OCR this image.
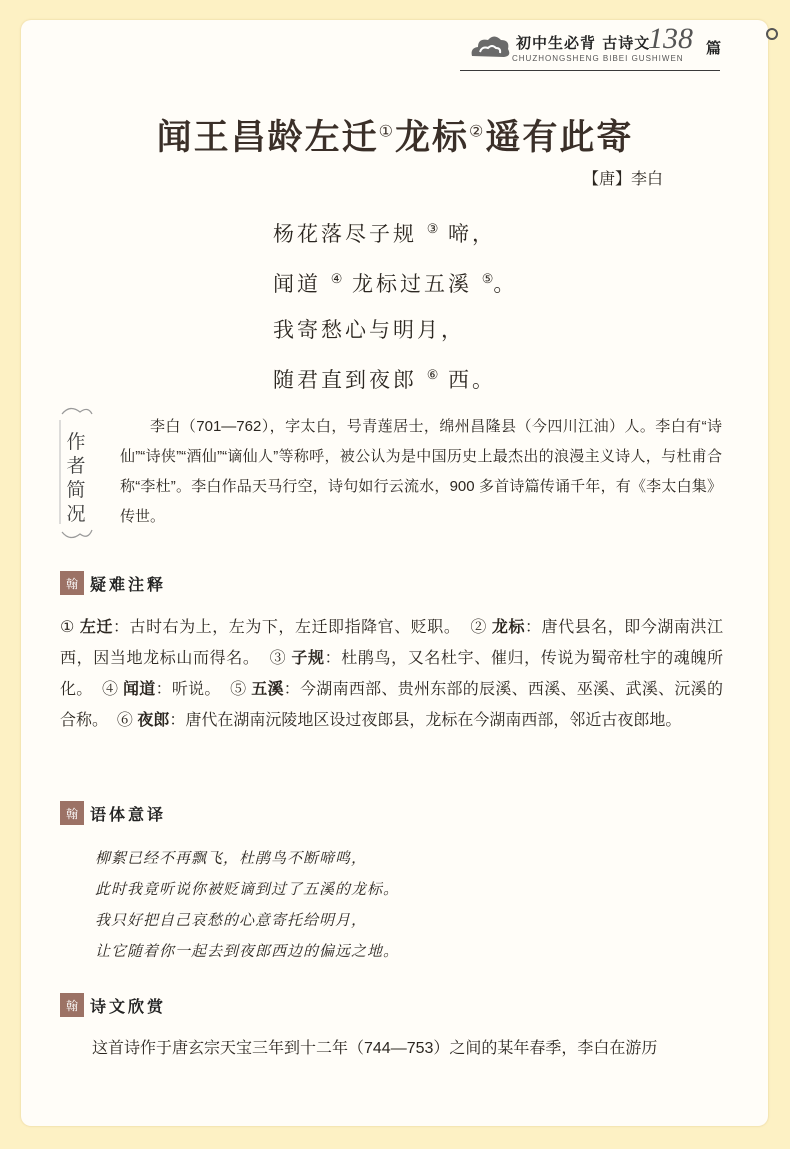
初中生必背 古诗文
138 篇
CHUZHONGSHENG BIBEI GUSHIWEN
闻王昌龄左迁①龙标②遥有此寄
【唐】李白
杨花落尽子规 ③ 啼，
闻道 ④ 龙标过五溪 ⑤。
我寄愁心与明月，
随君直到夜郎 ⑥ 西。
作
者
简
况
李白（701—762），字太白，号青莲居士，绵州昌隆县（今四川江油）人。李白有“诗仙”“诗侠”“酒仙”“谪仙人”等称呼，被公认为是中国历史上最杰出的浪漫主义诗人，与杜甫合称“李杜”。李白作品天马行空，诗句如行云流水，900 多首诗篇传诵千年，有《李太白集》传世。
翰 疑难注释
① 左迁：古时右为上，左为下，左迁即指降官、贬职。 ② 龙标：唐代县名，即今湖南洪江西，因当地龙标山而得名。 ③ 子规：杜鹃鸟，又名杜宇、催归，传说为蜀帝杜宇的魂魄所化。 ④ 闻道：听说。 ⑤ 五溪：今湖南西部、贵州东部的辰溪、西溪、巫溪、武溪、沅溪的合称。 ⑥ 夜郎：唐代在湖南沅陵地区设过夜郎县，龙标在今湖南西部，邻近古夜郎地。
翰 语体意译
柳絮已经不再飘飞，杜鹃鸟不断啼鸣，
此时我竟听说你被贬谪到过了五溪的龙标。
我只好把自己哀愁的心意寄托给明月，
让它随着你一起去到夜郎西边的偏远之地。
翰 诗文欣赏
这首诗作于唐玄宗天宝三年到十二年（744—753）之间的某年春季，李白在游历
